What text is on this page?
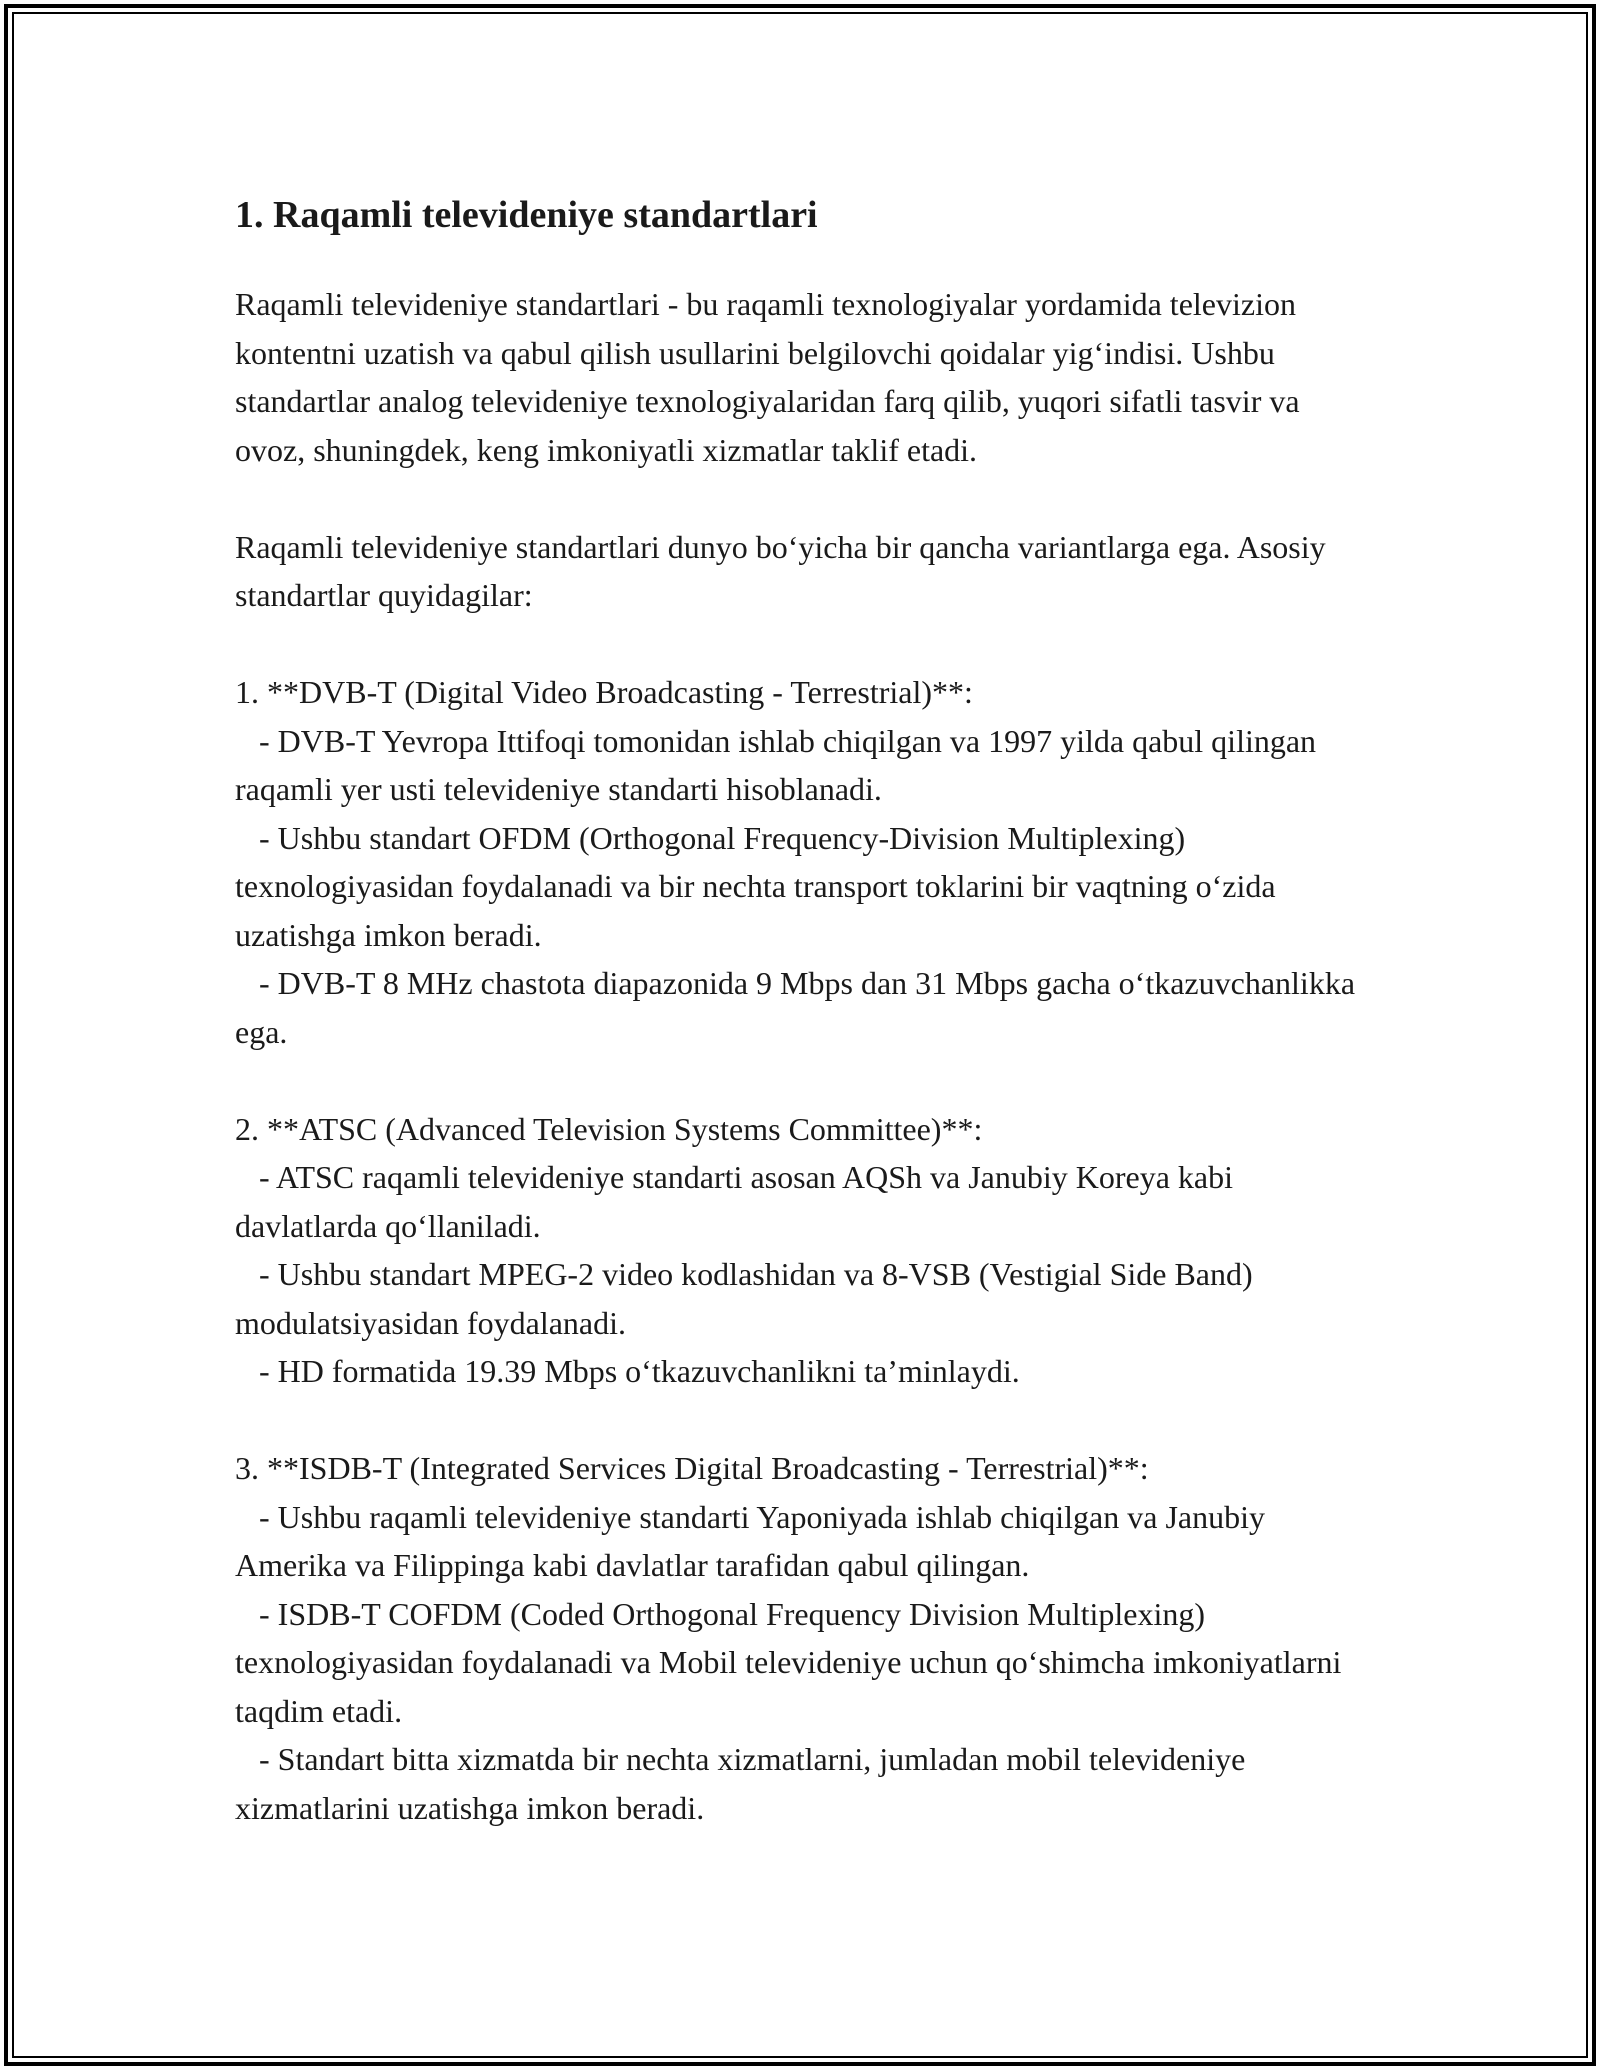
1. Raqamli televideniye standartlari

Raqamli televideniye standartlari - bu raqamli texnologiyalar yordamida televizion kontentni uzatish va qabul qilish usullarini belgilovchi qoidalar yig‘indisi. Ushbu standartlar analog televideniye texnologiyalaridan farq qilib, yuqori sifatli tasvir va ovoz, shuningdek, keng imkoniyatli xizmatlar taklif etadi.

Raqamli televideniye standartlari dunyo bo‘yicha bir qancha variantlarga ega. Asosiy standartlar quyidagilar:

1. **DVB-T (Digital Video Broadcasting - Terrestrial)**:
- DVB-T Yevropa Ittifoqi tomonidan ishlab chiqilgan va 1997 yilda qabul qilingan raqamli yer usti televideniye standarti hisoblanadi.
- Ushbu standart OFDM (Orthogonal Frequency-Division Multiplexing) texnologiyasidan foydalanadi va bir nechta transport toklarini bir vaqtning o‘zida uzatishga imkon beradi.
- DVB-T 8 MHz chastota diapazonida 9 Mbps dan 31 Mbps gacha o‘tkazuvchanlikka ega.
2. **ATSC (Advanced Television Systems Committee)**:
- ATSC raqamli televideniye standarti asosan AQSh va Janubiy Koreya kabi davlatlarda qo‘llaniladi.
- Ushbu standart MPEG-2 video kodlashidan va 8-VSB (Vestigial Side Band) modulatsiyasidan foydalanadi.
- HD formatida 19.39 Mbps o‘tkazuvchanlikni ta’minlaydi.
3. **ISDB-T (Integrated Services Digital Broadcasting - Terrestrial)**:
- Ushbu raqamli televideniye standarti Yaponiyada ishlab chiqilgan va Janubiy Amerika va Filippinga kabi davlatlar tarafidan qabul qilingan.
- ISDB-T COFDM (Coded Orthogonal Frequency Division Multiplexing) texnologiyasidan foydalanadi va Mobil televideniye uchun qo‘shimcha imkoniyatlarni taqdim etadi.
- Standart bitta xizmatda bir nechta xizmatlarni, jumladan mobil televideniye xizmatlarini uzatishga imkon beradi.
